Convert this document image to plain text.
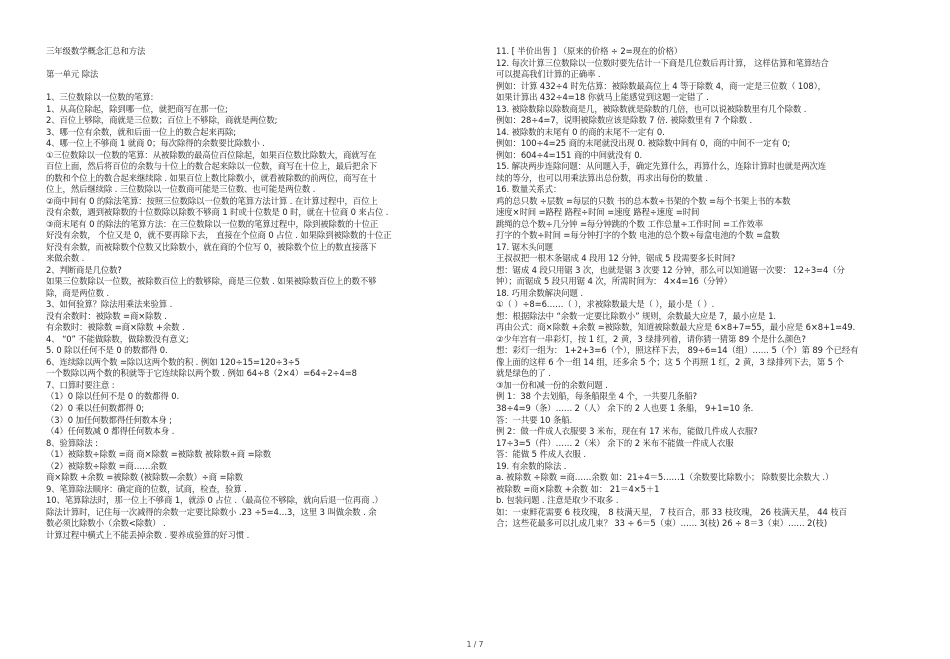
三年级数学概念汇总和方法
第一单元 除法
1、三位数除以一位数的笔算:
1、从高位除起，除到哪一位，就把商写在那一位;
2、百位上够除，商就是三位数；百位上不够除，商就是两位数;
3、哪一位有余数，就和后面一位上的数合起来再除;
4、哪一位上不够商 1 就商 0；每次除得的余数要比除数小 .
①三位数除以一位数的笔算：从被除数的最高位百位除起，如果百位数比除数大，商就写在
百位上面，然后将百位的余数与十位上的数合起来除以一位数，商写在十位上，最后把余下
的数和个位上的数合起来继续除 . 如果百位上数比除数小，就看被除数的前两位，商写在十
位上，然后继续除 . 三位数除以一位数商可能是三位数、也可能是两位数 .
②商中间有 0 的除法笔算：按照三位数除以一位数的笔算方法计算 . 在计算过程中，百位上
没有余数，遇到被除数的十位数除以除数不够商 1 时或十位数是 0 时，就在十位商 0 来占位 .
③商末尾有 0 的除法的笔算方法：在三位数除以一位数的笔算过程中，除到被除数的十位正
好没有余数， 个位又是 0，就不要再除下去， 直接在个位商 0 占位 . 如果除到被除数的十位正
好没有余数，而被除数个位数又比除数小，就在商的个位写 0，被除数个位上的数直接落下
来做余数 .
2、判断商是几位数?
如果三位数除以一位数，被除数百位上的数够除，商是三位数 . 如果被除数百位上的数不够
除，商是两位数 .
3、如何验算？除法用乘法来验算 .
没有余数时：被除数 =商×除数 .
有余数时：被除数 =商×除数 +余数 .
4、 “0” 不能做除数，做除数没有意义;
5. 0 除以任何不是 0 的数都得 0.
6、连续除以两个数 =除以这两个数的积 . 例如 120÷15=120÷3÷5
一个数除以两个数的积就等于它连续除以两个数 . 例如 64÷8（2×4）=64÷2÷4=8
7、口算时要注意 :
（1）0 除以任何不是 0 的数都得 0.
（2）0 乘以任何数都得 0;
（3）0 加任何数都得任何数本身 ;
（4）任何数减 0 都得任何数本身 .
8、验算除法 :
（1）被除数÷除数 =商 商×除数 =被除数 被除数÷商 =除数
（2）被除数÷除数 =商……余数
商×除数 +余数 =被除数 (被除数—余数）÷商 =除数
9、笔算除法顺序：确定商的位数，试商，检查，验算 .
10、笔算除法时，那一位上不够商 1，就添 0 占位 .（最高位不够除，就向后退一位再商 .）
除法计算时，记住每一次减得的余数一定要比除数小 .23 ÷5=4…3，这里 3 叫做余数 . 余
数必须比除数小（余数<除数） .
计算过程中横式上不能丢掉余数 . 要养成验算的好习惯 .
11. [ 半价出售 ] （原来的价格 ÷ 2=现在的价格）
12. 每次计算三位数除以一位数时要先估计一下商是几位数后再计算， 这样估算和笔算结合
可以提高我们计算的正确率 .
例如：计算 432÷4 时先估算：被除数最高位上 4 等于除数 4，商一定是三位数（ 108），
如果计算出 432÷4=18 你就马上能感觉到这题一定错了 .
13. 被除数除以除数商是几，被除数就是除数的几倍，也可以说被除数里有几个除数 .
例如：28÷4=7，说明被除数应该是除数 7 倍. 被除数里有 7 个除数 .
14. 被除数的末尾有 0 的商的末尾不一定有 0.
例如：100÷4=25 商的末尾就没出现 0. 被除数中间有 0，商的中间不一定有 0;
例如：604÷4=151 商的中间就没有 0.
15. 解决两步连除问题：从问题入手，确定先算什么，再算什么，连除计算时也就是两次连
续的等分，也可以用乘法算出总份数，再求出每份的数量 .
16. 数量关系式：
鸡的总只数 ÷层数 =每层的只数 书的总本数÷书架的个数 =每个书架上书的本数
速度×时间 =路程 路程÷时间 =速度 路程÷速度 =时间
跳绳的总个数÷几分钟 =每分钟跳的个数 工作总量÷工作时间 =工作效率
打字的个数÷时间 =每分钟打字的个数 电池的总个数÷每盒电池的个数 =盒数
17. 锯木头问题
王叔叔把一根木条锯成 4 段用 12 分钟，锯成 5 段需要多长时间?
想：锯成 4 段只用锯 3 次，也就是锯 3 次要 12 分钟，那么可以知道锯一次要： 12÷3=4（分
钟）；而锯成 5 段只用锯 4 次，所需时间为： 4×4=16（分钟）
18. 巧用余数解决问题 .
①（ ）÷8=6……（ ），求被除数最大是（ ），最小是（ ）.
想：根据除法中 “余数一定要比除数小” 规则，余数最大应是 7，最小应是 1.
再由公式：商×除数 +余数 =被除数，知道被除数最大应是 6×8+7=55，最小应是 6×8+1=49.
②少年宫有一串彩灯，按 1 红，2 黄，3 绿排列着，请你猜一猜第 89 个是什么颜色?
想：彩灯一组为： 1+2+3=6（个），照这样下去， 89÷6=14（组）…… 5（个）第 89 个已经有
像上面的这样 6 个一组 14 组，还多余 5 个；这 5 个再照 1 红，2 黄，3 绿排列下去，第 5 个
就是绿色的了 .
③加一份和减一份的余数问题 .
例 1：38 个去划船，每条船限坐 4 个，一共要几条船?
38÷4=9（条）…… 2（人） 余下的 2 人也要 1 条船， 9+1=10 条.
答：一共要 10 条船.
例 2：做一件成人衣服要 3 米布，现在有 17 米布，能做几件成人衣服?
17÷3=5（件）…… 2（米） 余下的 2 米布不能做一件成人衣服
答：能做 5 件成人衣服 .
19. 有余数的除法 .
a. 被除数 ÷除数 =商……余数 如：21÷4＝5……1（余数要比除数小； 除数要比余数大 .）
被除数 =商×除数 +余数 如： 21＝4×5＋1
b. 包装问题 . 注意是取少不取多 .
如：一束鲜花需要 6 枝玫瑰， 8 枝满天星， 7 枝百合，那 33 枝玫瑰， 26 枝满天星， 44 枝百
合；这些花最多可以扎成几束？ 33 ÷ 6＝5（束）…… 3(枝) 26 ÷ 8＝3（束）…… 2(枝)
1 / 7
